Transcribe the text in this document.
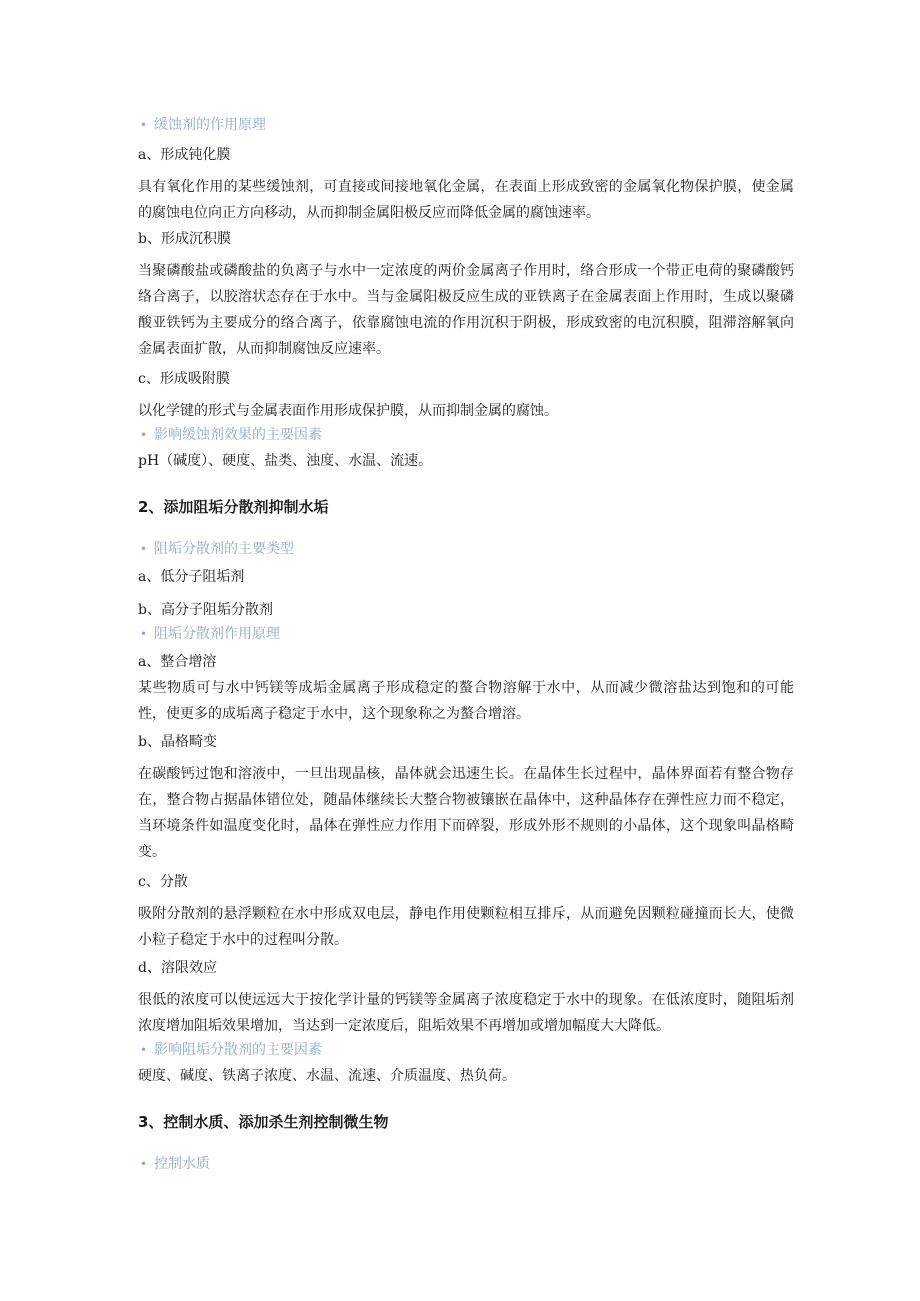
• 缓蚀剂的作用原理

a、形成钝化膜

具有氧化作用的某些缓蚀剂，可直接或间接地氧化金属，在表面上形成致密的金属氧化物保护膜，使金属的腐蚀电位向正方向移动，从而抑制金属阳极反应而降低金属的腐蚀速率。

b、形成沉积膜

当聚磷酸盐或磷酸盐的负离子与水中一定浓度的两价金属离子作用时，络合形成一个带正电荷的聚磷酸钙络合离子，以胶溶状态存在于水中。当与金属阳极反应生成的亚铁离子在金属表面上作用时，生成以聚磷酸亚铁钙为主要成分的络合离子，依靠腐蚀电流的作用沉积于阴极，形成致密的电沉积膜，阻滞溶解氧向金属表面扩散，从而抑制腐蚀反应速率。

c、形成吸附膜

以化学键的形式与金属表面作用形成保护膜，从而抑制金属的腐蚀。

• 影响缓蚀剂效果的主要因素

pH（碱度）、硬度、盐类、浊度、水温、流速。

2、添加阻垢分散剂抑制水垢

• 阻垢分散剂的主要类型

a、低分子阻垢剂

b、高分子阻垢分散剂

• 阻垢分散剂作用原理

a、整合增溶

某些物质可与水中钙镁等成垢金属离子形成稳定的螯合物溶解于水中，从而减少微溶盐达到饱和的可能性，使更多的成垢离子稳定于水中，这个现象称之为螯合增溶。

b、晶格畸变

在碳酸钙过饱和溶液中，一旦出现晶核，晶体就会迅速生长。在晶体生长过程中，晶体界面若有整合物存在，整合物占据晶体错位处，随晶体继续长大整合物被镶嵌在晶体中，这种晶体存在弹性应力而不稳定，当环境条件如温度变化时，晶体在弹性应力作用下而碎裂，形成外形不规则的小晶体，这个现象叫晶格畸变。

c、分散

吸附分散剂的悬浮颗粒在水中形成双电层，静电作用使颗粒相互排斥，从而避免因颗粒碰撞而长大，使微小粒子稳定于水中的过程叫分散。

d、溶限效应

很低的浓度可以使远远大于按化学计量的钙镁等金属离子浓度稳定于水中的现象。在低浓度时，随阻垢剂浓度增加阻垢效果增加，当达到一定浓度后，阻垢效果不再增加或增加幅度大大降低。

• 影响阻垢分散剂的主要因素

硬度、碱度、铁离子浓度、水温、流速、介质温度、热负荷。

3、控制水质、添加杀生剂控制微生物

• 控制水质
